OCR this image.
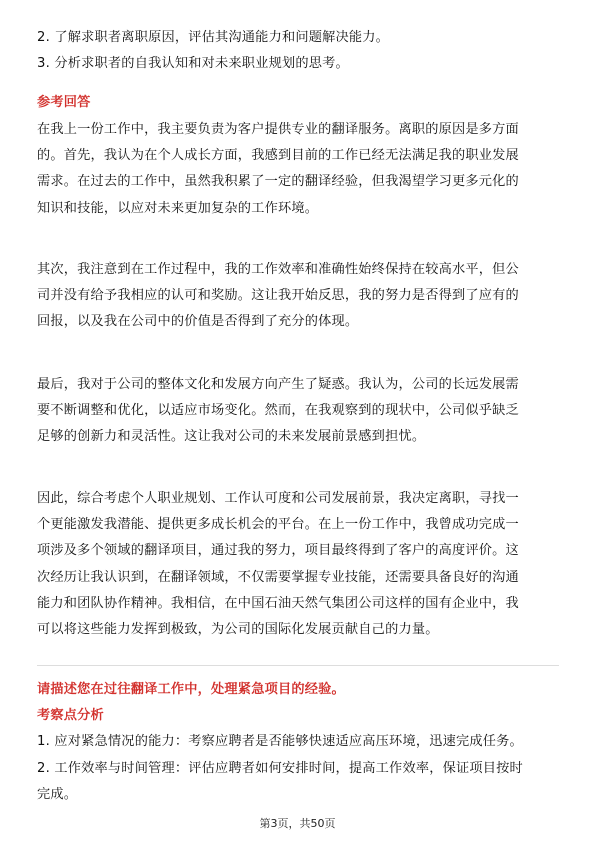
2. 了解求职者离职原因，评估其沟通能力和问题解决能力。
3. 分析求职者的自我认知和对未来职业规划的思考。
参考回答
在我上一份工作中，我主要负责为客户提供专业的翻译服务。离职的原因是多方面
的。首先，我认为在个人成长方面，我感到目前的工作已经无法满足我的职业发展
需求。在过去的工作中，虽然我积累了一定的翻译经验，但我渴望学习更多元化的
知识和技能，以应对未来更加复杂的工作环境。
其次，我注意到在工作过程中，我的工作效率和准确性始终保持在较高水平，但公
司并没有给予我相应的认可和奖励。这让我开始反思，我的努力是否得到了应有的
回报，以及我在公司中的价值是否得到了充分的体现。
最后，我对于公司的整体文化和发展方向产生了疑惑。我认为，公司的长远发展需
要不断调整和优化，以适应市场变化。然而，在我观察到的现状中，公司似乎缺乏
足够的创新力和灵活性。这让我对公司的未来发展前景感到担忧。
因此，综合考虑个人职业规划、工作认可度和公司发展前景，我决定离职，寻找一
个更能激发我潜能、提供更多成长机会的平台。在上一份工作中，我曾成功完成一
项涉及多个领域的翻译项目，通过我的努力，项目最终得到了客户的高度评价。这
次经历让我认识到，在翻译领域，不仅需要掌握专业技能，还需要具备良好的沟通
能力和团队协作精神。我相信，在中国石油天然气集团公司这样的国有企业中，我
可以将这些能力发挥到极致，为公司的国际化发展贡献自己的力量。
请描述您在过往翻译工作中，处理紧急项目的经验。
考察点分析
1. 应对紧急情况的能力：考察应聘者是否能够快速适应高压环境，迅速完成任务。
2. 工作效率与时间管理：评估应聘者如何安排时间，提高工作效率，保证项目按时
完成。
第3页，共50页
